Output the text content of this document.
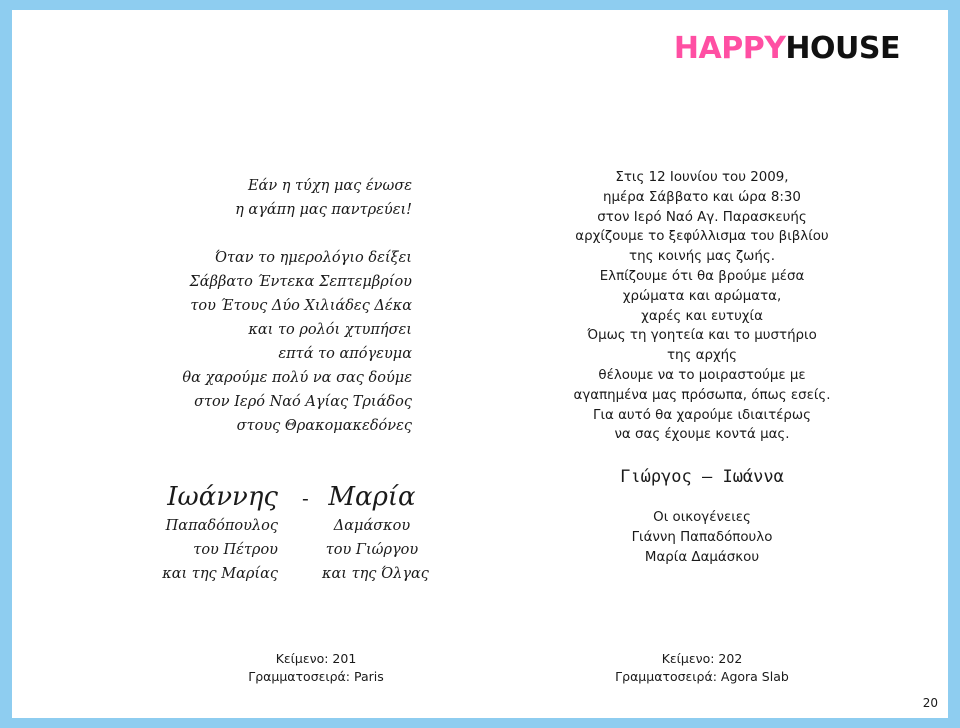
HAPPYHOUSE
Εάν η τύχη μας ένωσε
η αγάπη μας παντρεύει!
Όταν το ημερολόγιο δείξει
Σάββατο Έντεκα Σεπτεμβρίου
του Έτους Δύο Χιλιάδες Δέκα
και το ρολόι χτυπήσει
επτά το απόγευμα
θα χαρούμε πολύ να σας δούμε
στον Ιερό Ναό Αγίας Τριάδος
στους Θρακομακεδόνες
Ιωάννης
Παπαδόπουλος
του Πέτρου
και της Μαρίας
- Μαρία
Δαμάσκου
του Γιώργου
και της Όλγας
Στις 12 Ιουνίου του 2009,
ημέρα Σάββατο και ώρα 8:30
στον Ιερό Ναό Αγ. Παρασκευής
αρχίζουμε το ξεφύλλισμα του βιβλίου
της κοινής μας ζωής.
Ελπίζουμε ότι θα βρούμε μέσα
χρώματα και αρώματα,
χαρές και ευτυχία
Όμως τη γοητεία και το μυστήριο
της αρχής
θέλουμε να το μοιραστούμε με
αγαπημένα μας πρόσωπα, όπως εσείς.
Για αυτό θα χαρούμε ιδιαιτέρως
να σας έχουμε κοντά μας.
Γιώργος – Ιωάννα
Οι οικογένειες
Γιάννη Παπαδόπουλο
Μαρία Δαμάσκου
Κείμενο: 201
Γραμματοσειρά: Paris
Κείμενο: 202
Γραμματοσειρά: Agora Slab
20
